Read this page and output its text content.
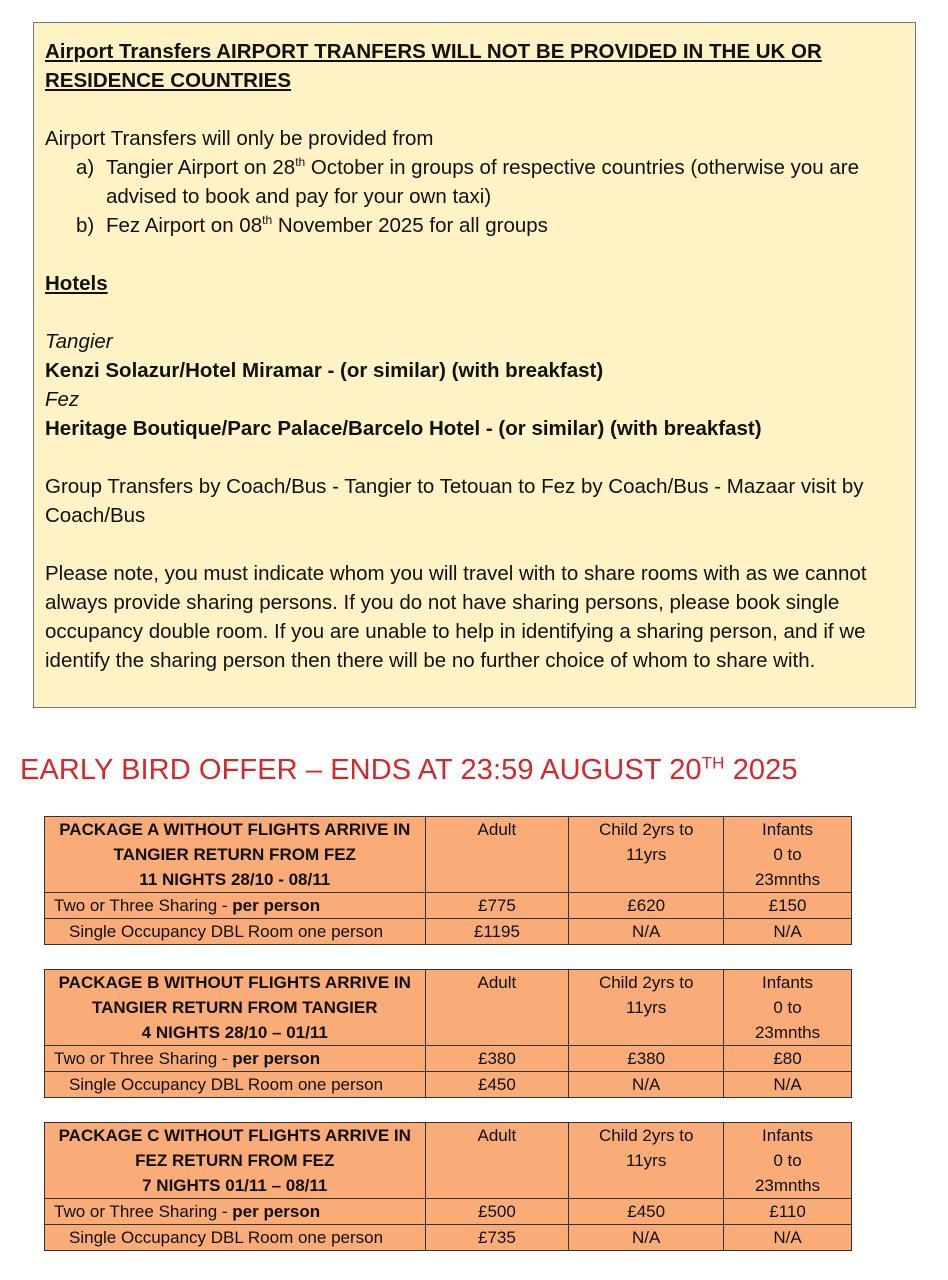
Airport Transfers AIRPORT TRANFERS WILL NOT BE PROVIDED IN THE UK OR
RESIDENCE COUNTRIES

Airport Transfers will only be provided from

a) Tangier Airport on 28th October in groups of respective countries (otherwise you are advised to book and pay for your own taxi)
b) Fez Airport on 08th November 2025 for all groups

Hotels

Tangier

Kenzi Solazur/Hotel Miramar - (or similar) (with breakfast)

Fez

Heritage Boutique/Parc Palace/Barcelo Hotel - (or similar) (with breakfast)

Group Transfers by Coach/Bus - Tangier to Tetouan to Fez by Coach/Bus - Mazaar visit by Coach/Bus

Please note, you must indicate whom you will travel with to share rooms with as we cannot always provide sharing persons. If you do not have sharing persons, please book single occupancy double room. If you are unable to help in identifying a sharing person, and if we identify the sharing person then there will be no further choice of whom to share with.

EARLY BIRD OFFER – ENDS AT 23:59 AUGUST 20TH 2025
PACKAGE A WITHOUT FLIGHTS ARRIVE IN
TANGIER RETURN FROM FEZ
11 NIGHTS 28/10 - 08/11	Adult	Child 2yrs to
11yrs	Infants
0 to
23mnths
Two or Three Sharing - per person	£775	£620	£150
Single Occupancy DBL Room one person	£1195	N/A	N/A
PACKAGE B WITHOUT FLIGHTS ARRIVE IN
TANGIER RETURN FROM TANGIER
4 NIGHTS 28/10 – 01/11	Adult	Child 2yrs to
11yrs	Infants
0 to
23mnths
Two or Three Sharing - per person	£380	£380	£80
Single Occupancy DBL Room one person	£450	N/A	N/A
PACKAGE C WITHOUT FLIGHTS ARRIVE IN
FEZ RETURN FROM FEZ
7 NIGHTS 01/11 – 08/11	Adult	Child 2yrs to
11yrs	Infants
0 to
23mnths
Two or Three Sharing - per person	£500	£450	£110
Single Occupancy DBL Room one person	£735	N/A	N/A
